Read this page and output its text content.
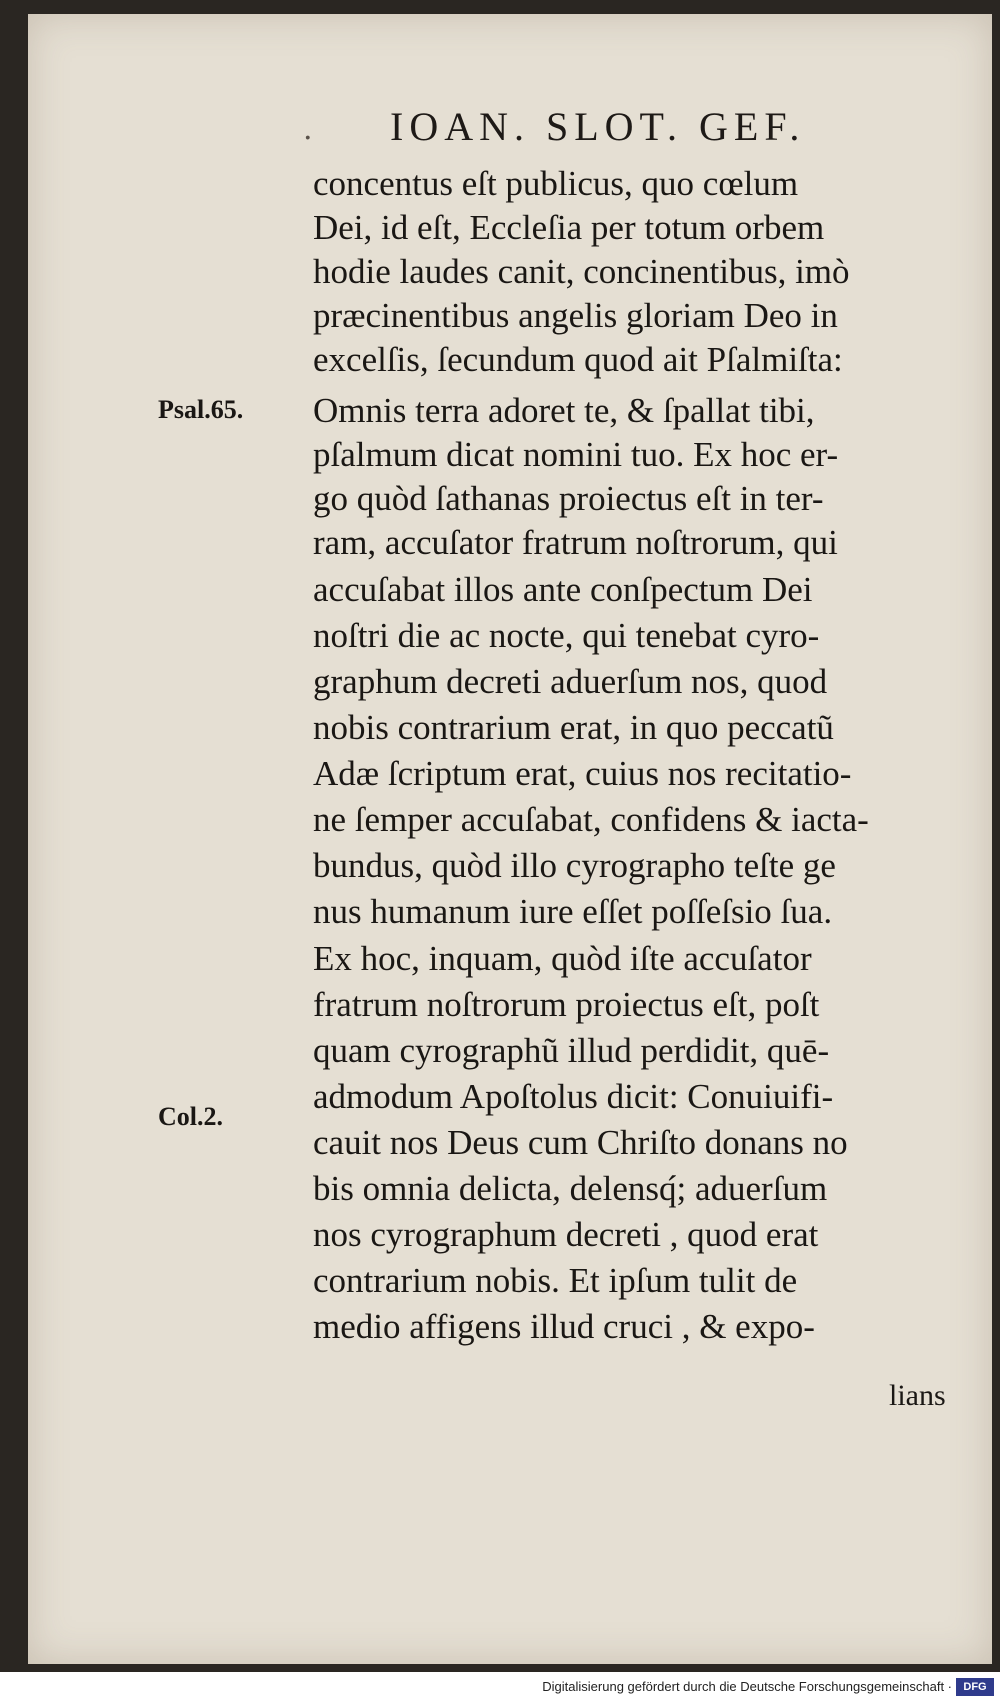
. IOAN. SLOT. GEF.
Psal.65.
Col.2.
concentus eſt publicus, quo cœlum
Dei, id eſt, Eccleſia per totum orbem
hodie laudes canit, concinentibus, imò
præcinentibus angelis gloriam Deo in
excelſis, ſecundum quod ait Pſalmiſta:
Omnis terra adoret te, & ſpallat tibi,
pſalmum dicat nomini tuo. Ex hoc er-
go quòd ſathanas proiectus eſt in ter-
ram, accuſator fratrum noſtrorum, qui
accuſabat illos ante conſpectum Dei
noſtri die ac nocte, qui tenebat cyro-
graphum decreti aduerſum nos, quod
nobis contrarium erat, in quo peccatũ
Adæ ſcriptum erat, cuius nos recitatio-
ne ſemper accuſabat, confidens & iacta-
bundus, quòd illo cyrographo teſte ge
nus humanum iure eſſet poſſeſsio ſua.
Ex hoc, inquam, quòd iſte accuſator
fratrum noſtrorum proiectus eſt, poſt
quam cyrographũ illud perdidit, quē-
admodum Apoſtolus dicit: Conuiuifi-
cauit nos Deus cum Chriſto donans no
bis omnia delicta, delensq́; aduerſum
nos cyrographum decreti , quod erat
contrarium nobis. Et ipſum tulit de
medio affigens illud cruci , & expo-
lians
Digitalisierung gefördert durch die Deutsche Forschungsgemeinschaft ·	DFG
